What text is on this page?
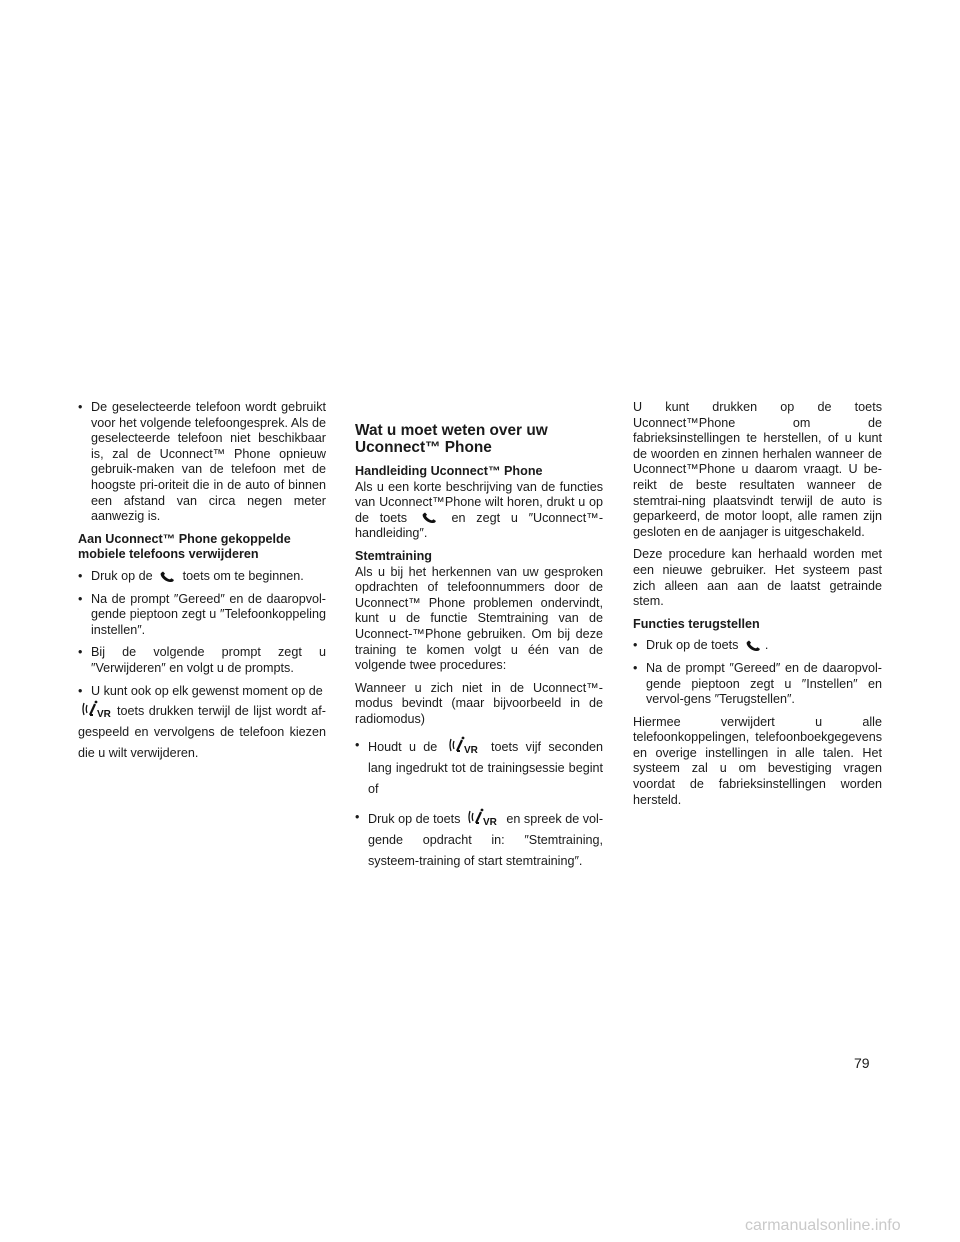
• De geselecteerde telefoon wordt gebruikt voor het volgende telefoongesprek. Als de geselecteerde telefoon niet beschikbaar is, zal de Uconnect™ Phone opnieuw gebruik-maken van de telefoon met de hoogste pri-oriteit die in de auto of binnen een afstand van circa negen meter aanwezig is.
Aan Uconnect™ Phone gekoppelde
mobiele telefoons verwijderen
• Druk op de toets om te beginnen.
• Na de prompt ″Gereed″ en de daaropvol-gende pieptoon zegt u ″Telefoonkoppeling instellen″.
• Bij de volgende prompt zegt u ″Verwijderen″ en volgt u de prompts.
• U kunt ook op elk gewenst moment op de
VR toets drukken terwijl de lijst wordt af-gespeeld en vervolgens de telefoon kiezen die u wilt verwijderen.
Wat u moet weten over uw
Uconnect™ Phone
Handleiding Uconnect™ Phone

Als u een korte beschrijving van de functies van Uconnect™Phone wilt horen, drukt u op de toets	en zegt u ″Uconnect™-handleiding″.

Stemtraining

Als u bij het herkennen van uw gesproken opdrachten of telefoonnummers door de Uconnect™ Phone problemen ondervindt, kunt u de functie Stemtraining van de Uconnect-™Phone gebruiken. Om bij deze training te komen volgt u één van de volgende twee procedures:

Wanneer u zich niet in de Uconnect™-modus bevindt (maar bijvoorbeeld in de radiomodus)

• Houdt u de	VR toets vijf seconden lang ingedrukt tot de trainingsessie begint of
• Druk op de toets VR en spreek de vol-gende opdracht in: ″Stemtraining, systeem-training of start stemtraining″.

U kunt drukken op de toets Uconnect™Phone om de fabrieksinstellingen te herstellen, of u kunt de woorden en zinnen herhalen wanneer de Uconnect™Phone u daarom vraagt. U be-reikt de beste resultaten wanneer de stemtrai-ning plaatsvindt terwijl de auto is geparkeerd, de motor loopt, alle ramen zijn gesloten en de aanjager is uitgeschakeld.

Deze procedure kan herhaald worden met een nieuwe gebruiker. Het systeem past zich alleen aan aan de laatst getrainde stem.

Functies terugstellen
• Druk op de toets .
• Na de prompt ″Gereed″ en de daaropvol-gende pieptoon zegt u ″Instellen″ en vervol-gens ″Terugstellen″.

Hiermee verwijdert u alle telefoonkoppelingen, telefoonboekgegevens en overige instellingen in alle talen. Het systeem zal u om bevestiging vragen voordat de fabrieksinstellingen worden hersteld.

79
carmanualsonline.info
